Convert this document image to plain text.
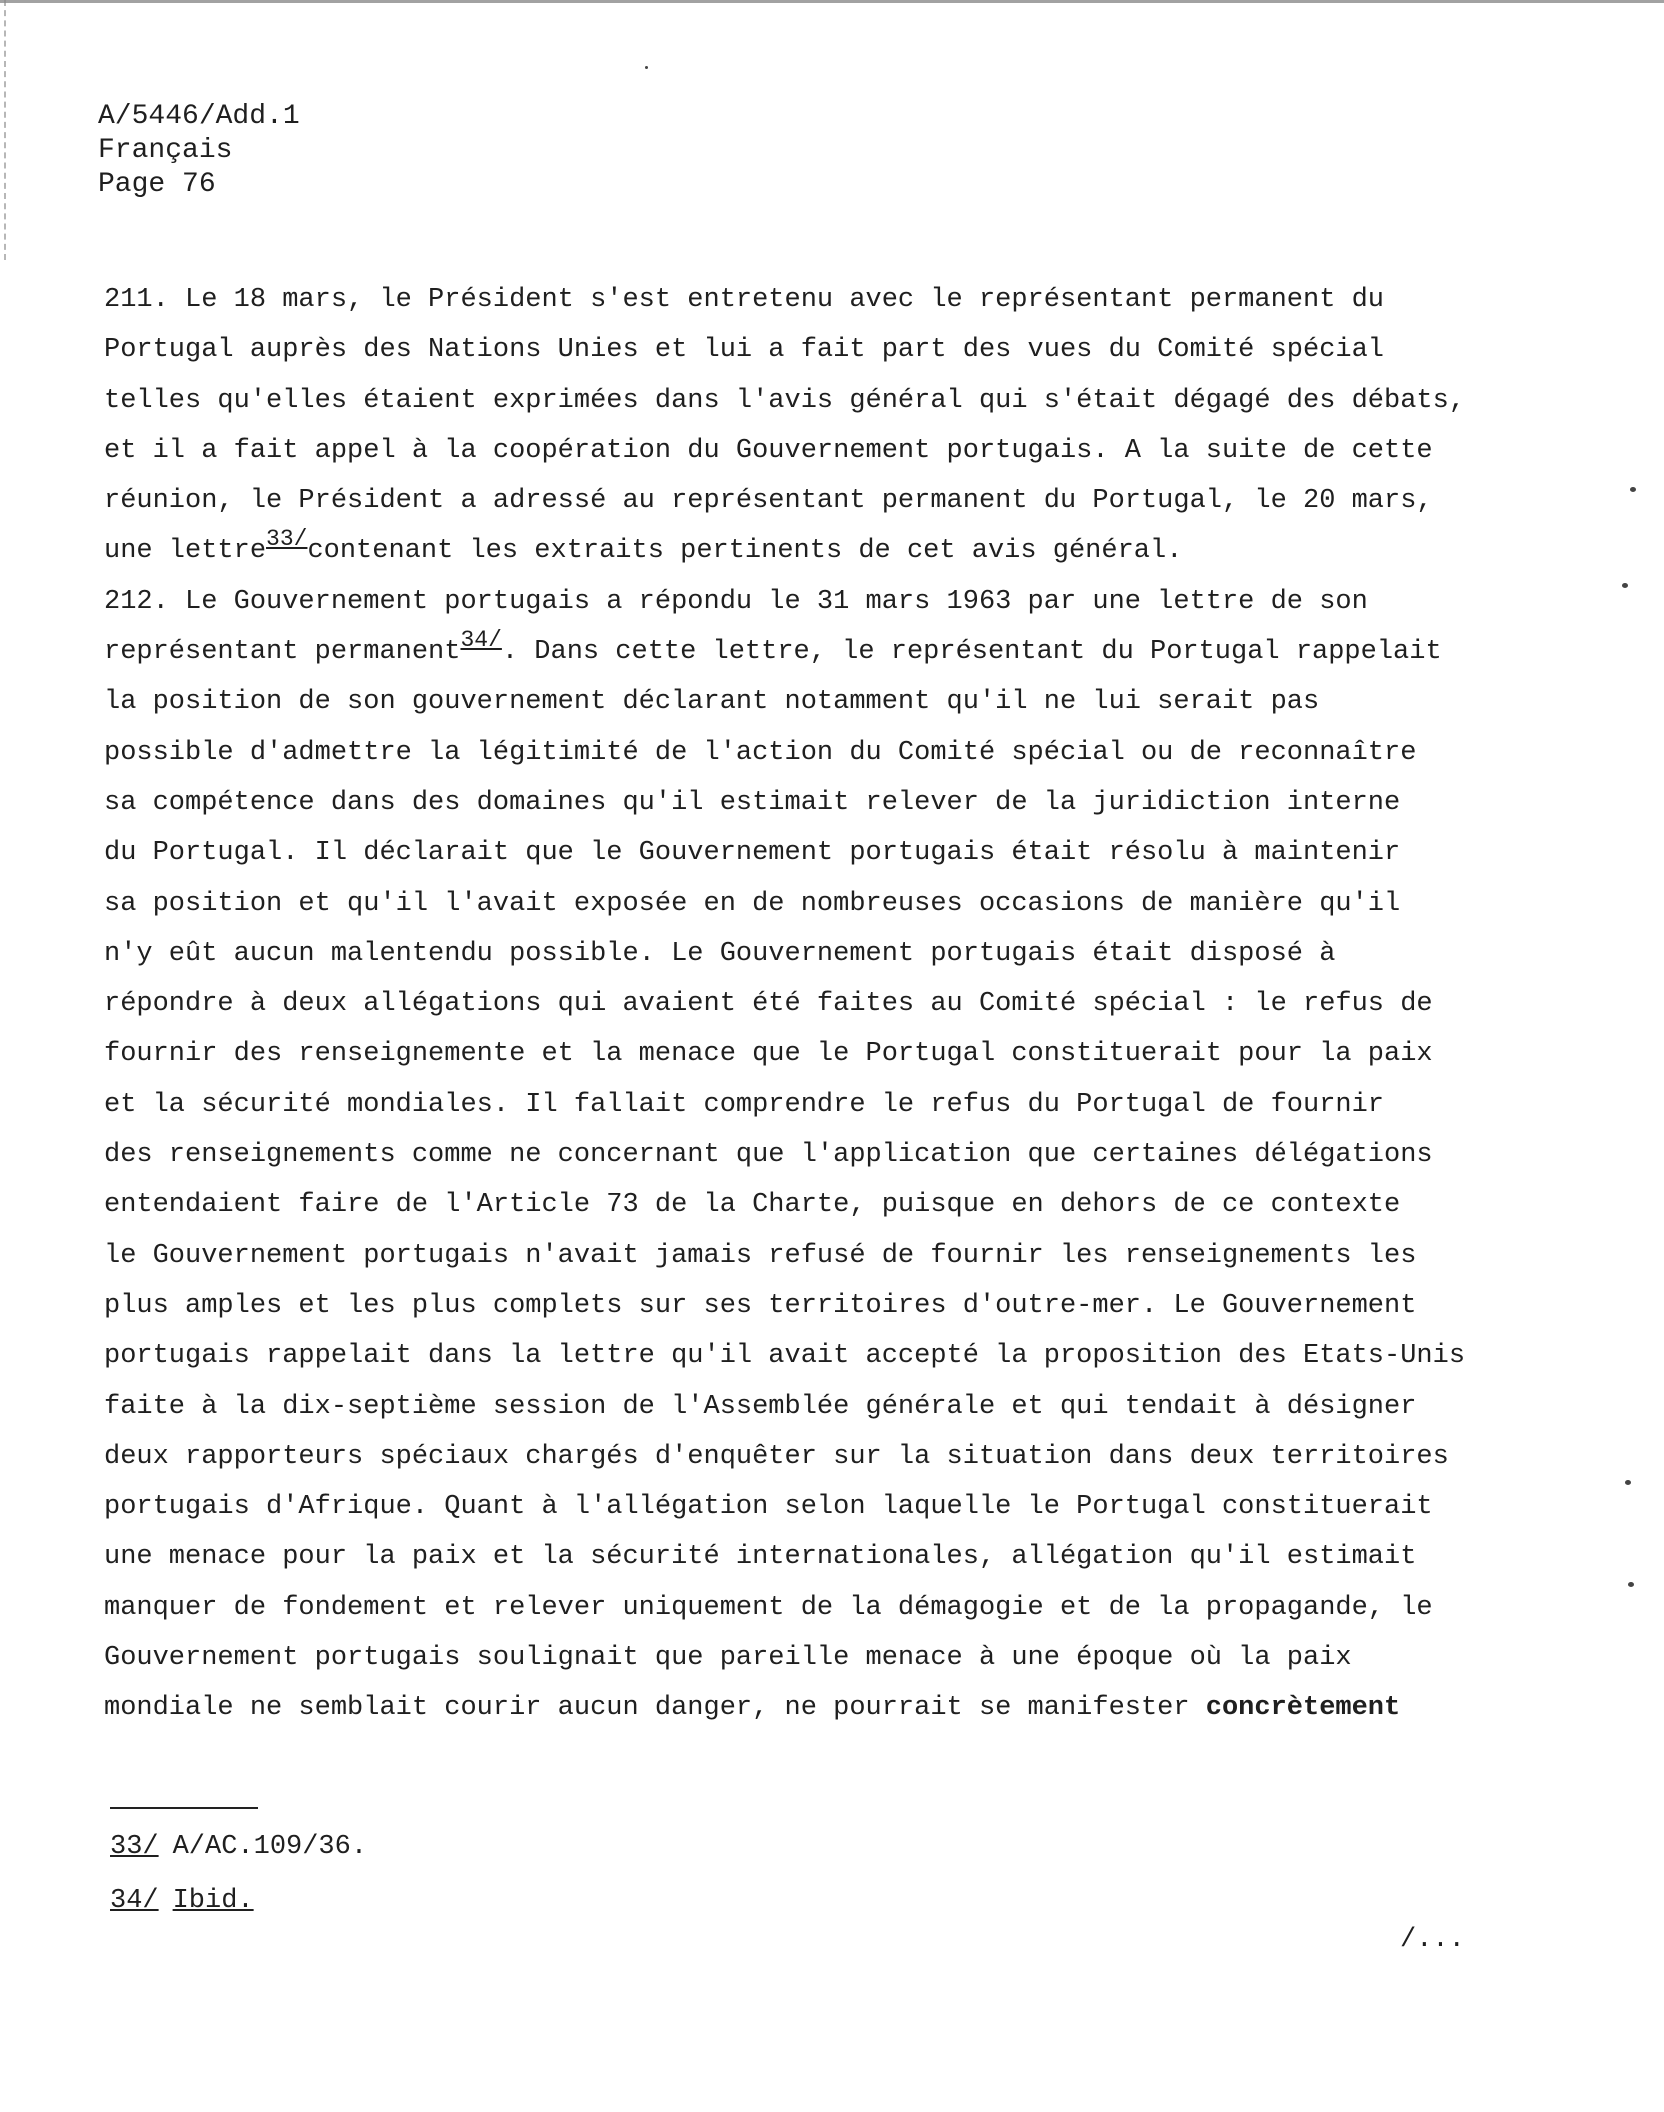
A/5446/Add.1
Français
Page 76
211. Le 18 mars, le Président s'est entretenu avec le représentant permanent du
Portugal auprès des Nations Unies et lui a fait part des vues du Comité spécial
telles qu'elles étaient exprimées dans l'avis général qui s'était dégagé des débats,
et il a fait appel à la coopération du Gouvernement portugais. A la suite de cette
réunion, le Président a adressé au représentant permanent du Portugal, le 20 mars,
une lettre33/contenant les extraits pertinents de cet avis général.
212. Le Gouvernement portugais a répondu le 31 mars 1963 par une lettre de son
représentant permanent34/. Dans cette lettre, le représentant du Portugal rappelait
la position de son gouvernement déclarant notamment qu'il ne lui serait pas
possible d'admettre la légitimité de l'action du Comité spécial ou de reconnaître
sa compétence dans des domaines qu'il estimait relever de la juridiction interne
du Portugal. Il déclarait que le Gouvernement portugais était résolu à maintenir
sa position et qu'il l'avait exposée en de nombreuses occasions de manière qu'il
n'y eût aucun malentendu possible. Le Gouvernement portugais était disposé à
répondre à deux allégations qui avaient été faites au Comité spécial : le refus de
fournir des renseignemente et la menace que le Portugal constituerait pour la paix
et la sécurité mondiales. Il fallait comprendre le refus du Portugal de fournir
des renseignements comme ne concernant que l'application que certaines délégations
entendaient faire de l'Article 73 de la Charte, puisque en dehors de ce contexte
le Gouvernement portugais n'avait jamais refusé de fournir les renseignements les
plus amples et les plus complets sur ses territoires d'outre-mer. Le Gouvernement
portugais rappelait dans la lettre qu'il avait accepté la proposition des Etats-Unis
faite à la dix-septième session de l'Assemblée générale et qui tendait à désigner
deux rapporteurs spéciaux chargés d'enquêter sur la situation dans deux territoires
portugais d'Afrique. Quant à l'allégation selon laquelle le Portugal constituerait
une menace pour la paix et la sécurité internationales, allégation qu'il estimait
manquer de fondement et relever uniquement de la démagogie et de la propagande, le
Gouvernement portugais soulignait que pareille menace à une époque où la paix
mondiale ne semblait courir aucun danger, ne pourrait se manifester concrètement
33/ A/AC.109/36.
34/ Ibid.
/...
